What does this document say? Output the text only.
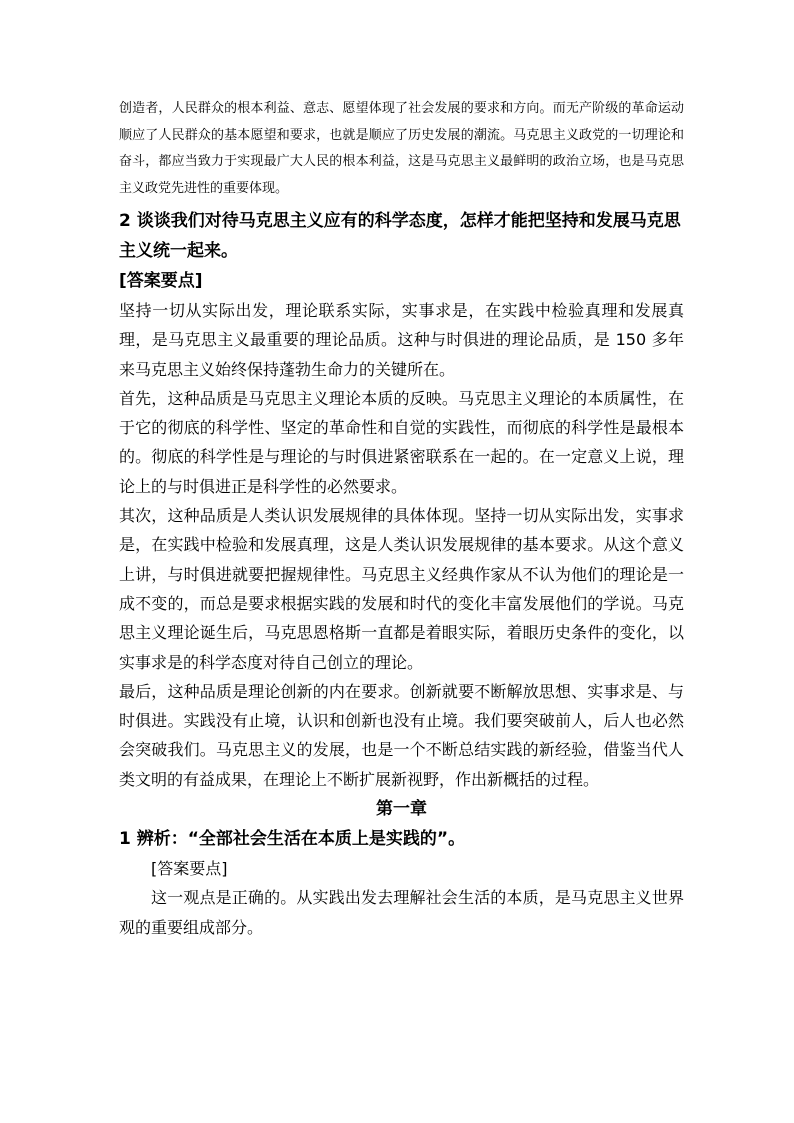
创造者，人民群众的根本利益、意志、愿望体现了社会发展的要求和方向。而无产阶级的革命运动顺应了人民群众的基本愿望和要求，也就是顺应了历史发展的潮流。马克思主义政党的一切理论和奋斗，都应当致力于实现最广大人民的根本利益，这是马克思主义最鲜明的政治立场，也是马克思主义政党先进性的重要体现。

2 谈谈我们对待马克思主义应有的科学态度，怎样才能把坚持和发展马克思主义统一起来。

[答案要点]

坚持一切从实际出发，理论联系实际，实事求是，在实践中检验真理和发展真理，是马克思主义最重要的理论品质。这种与时俱进的理论品质，是 150 多年来马克思主义始终保持蓬勃生命力的关键所在。

首先，这种品质是马克思主义理论本质的反映。马克思主义理论的本质属性，在于它的彻底的科学性、坚定的革命性和自觉的实践性，而彻底的科学性是最根本的。彻底的科学性是与理论的与时俱进紧密联系在一起的。在一定意义上说，理论上的与时俱进正是科学性的必然要求。

其次，这种品质是人类认识发展规律的具体体现。坚持一切从实际出发，实事求是，在实践中检验和发展真理，这是人类认识发展规律的基本要求。从这个意义上讲，与时俱进就要把握规律性。马克思主义经典作家从不认为他们的理论是一成不变的，而总是要求根据实践的发展和时代的变化丰富发展他们的学说。马克思主义理论诞生后，马克思恩格斯一直都是着眼实际，着眼历史条件的变化，以实事求是的科学态度对待自己创立的理论。

最后，这种品质是理论创新的内在要求。创新就要不断解放思想、实事求是、与时俱进。实践没有止境，认识和创新也没有止境。我们要突破前人，后人也必然会突破我们。马克思主义的发展，也是一个不断总结实践的新经验，借鉴当代人类文明的有益成果，在理论上不断扩展新视野，作出新概括的过程。

第一章

1 辨析：“全部社会生活在本质上是实践的”。

[答案要点]

这一观点是正确的。从实践出发去理解社会生活的本质，是马克思主义世界观的重要组成部分。
